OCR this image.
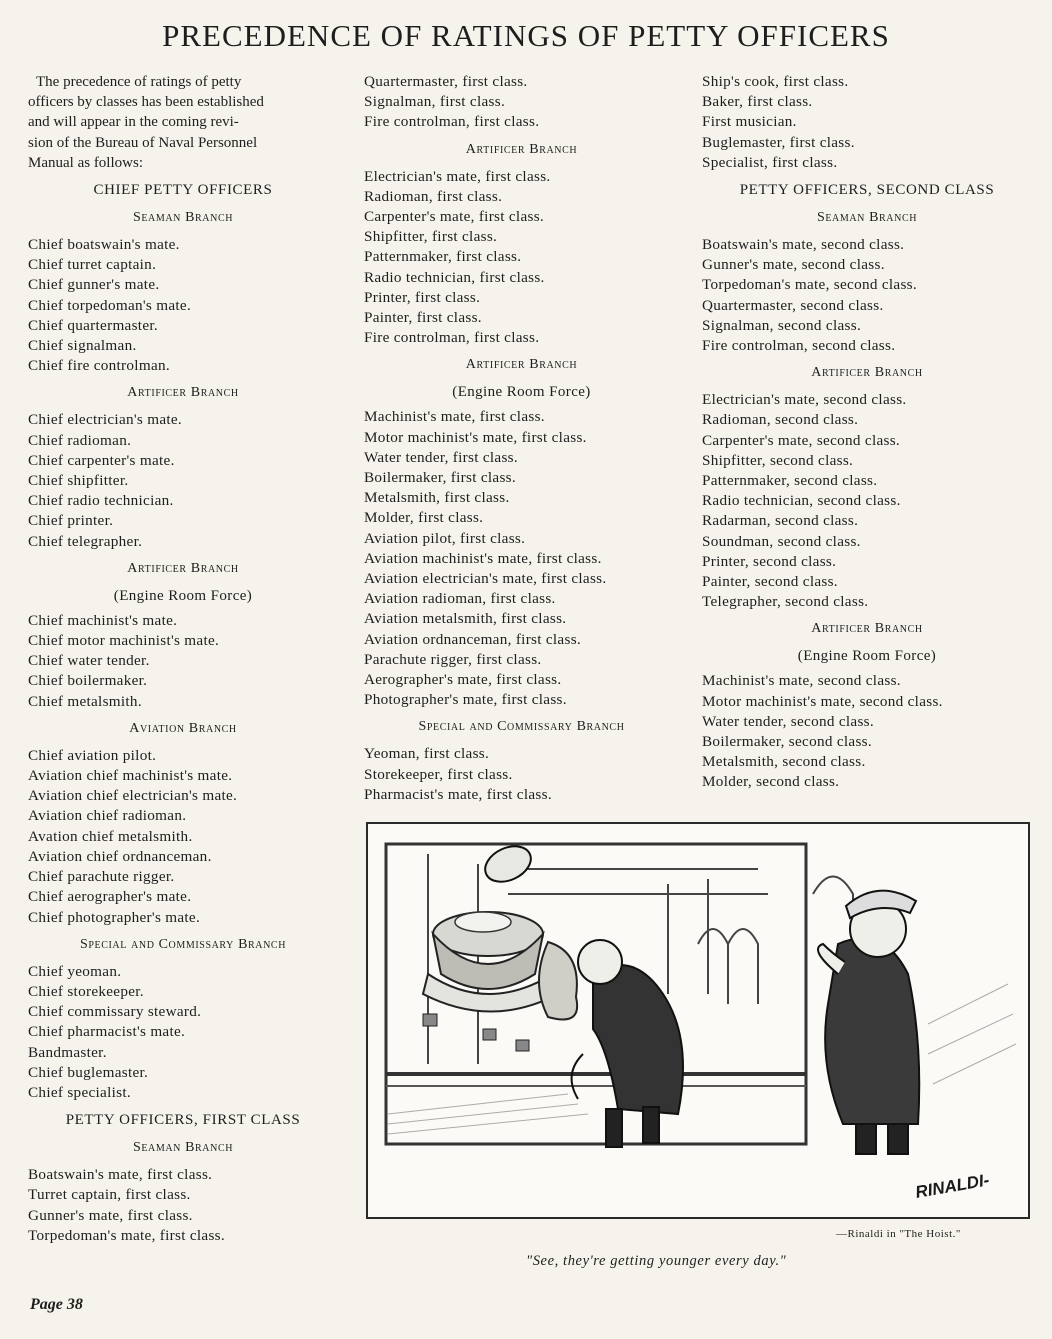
PRECEDENCE OF RATINGS OF PETTY OFFICERS
The precedence of ratings of petty
officers by classes has been established
and will appear in the coming revi-
sion of the Bureau of Naval Personnel
Manual as follows:
CHIEF PETTY OFFICERS
Seaman Branch
Chief boatswain's mate.
Chief turret captain.
Chief gunner's mate.
Chief torpedoman's mate.
Chief quartermaster.
Chief signalman.
Chief fire controlman.
Artificer Branch
Chief electrician's mate.
Chief radioman.
Chief carpenter's mate.
Chief shipfitter.
Chief radio technician.
Chief printer.
Chief telegrapher.
Artificer Branch
(Engine Room Force)
Chief machinist's mate.
Chief motor machinist's mate.
Chief water tender.
Chief boilermaker.
Chief metalsmith.
Aviation Branch
Chief aviation pilot.
Aviation chief machinist's mate.
Aviation chief electrician's mate.
Aviation chief radioman.
Avation chief metalsmith.
Aviation chief ordnanceman.
Chief parachute rigger.
Chief aerographer's mate.
Chief photographer's mate.
Special and Commissary Branch
Chief yeoman.
Chief storekeeper.
Chief commissary steward.
Chief pharmacist's mate.
Bandmaster.
Chief buglemaster.
Chief specialist.
PETTY OFFICERS, FIRST CLASS
Seaman Branch
Boatswain's mate, first class.
Turret captain, first class.
Gunner's mate, first class.
Torpedoman's mate, first class.
Quartermaster, first class.
Signalman, first class.
Fire controlman, first class.
Artificer Branch
Electrician's mate, first class.
Radioman, first class.
Carpenter's mate, first class.
Shipfitter, first class.
Patternmaker, first class.
Radio technician, first class.
Printer, first class.
Painter, first class.
Fire controlman, first class.
Artificer Branch
(Engine Room Force)
Machinist's mate, first class.
Motor machinist's mate, first class.
Water tender, first class.
Boilermaker, first class.
Metalsmith, first class.
Molder, first class.
Aviation pilot, first class.
Aviation machinist's mate, first class.
Aviation electrician's mate, first class.
Aviation radioman, first class.
Aviation metalsmith, first class.
Aviation ordnanceman, first class.
Parachute rigger, first class.
Aerographer's mate, first class.
Photographer's mate, first class.
Special and Commissary Branch
Yeoman, first class.
Storekeeper, first class.
Pharmacist's mate, first class.
Ship's cook, first class.
Baker, first class.
First musician.
Buglemaster, first class.
Specialist, first class.
PETTY OFFICERS, SECOND CLASS
Seaman Branch
Boatswain's mate, second class.
Gunner's mate, second class.
Torpedoman's mate, second class.
Quartermaster, second class.
Signalman, second class.
Fire controlman, second class.
Artificer Branch
Electrician's mate, second class.
Radioman, second class.
Carpenter's mate, second class.
Shipfitter, second class.
Patternmaker, second class.
Radio technician, second class.
Radarman, second class.
Soundman, second class.
Printer, second class.
Painter, second class.
Telegrapher, second class.
Artificer Branch
(Engine Room Force)
Machinist's mate, second class.
Motor machinist's mate, second class.
Water tender, second class.
Boilermaker, second class.
Metalsmith, second class.
Molder, second class.
RINALDI-
—Rinaldi in "The Hoist."
"See, they're getting younger every day."
Page 38
